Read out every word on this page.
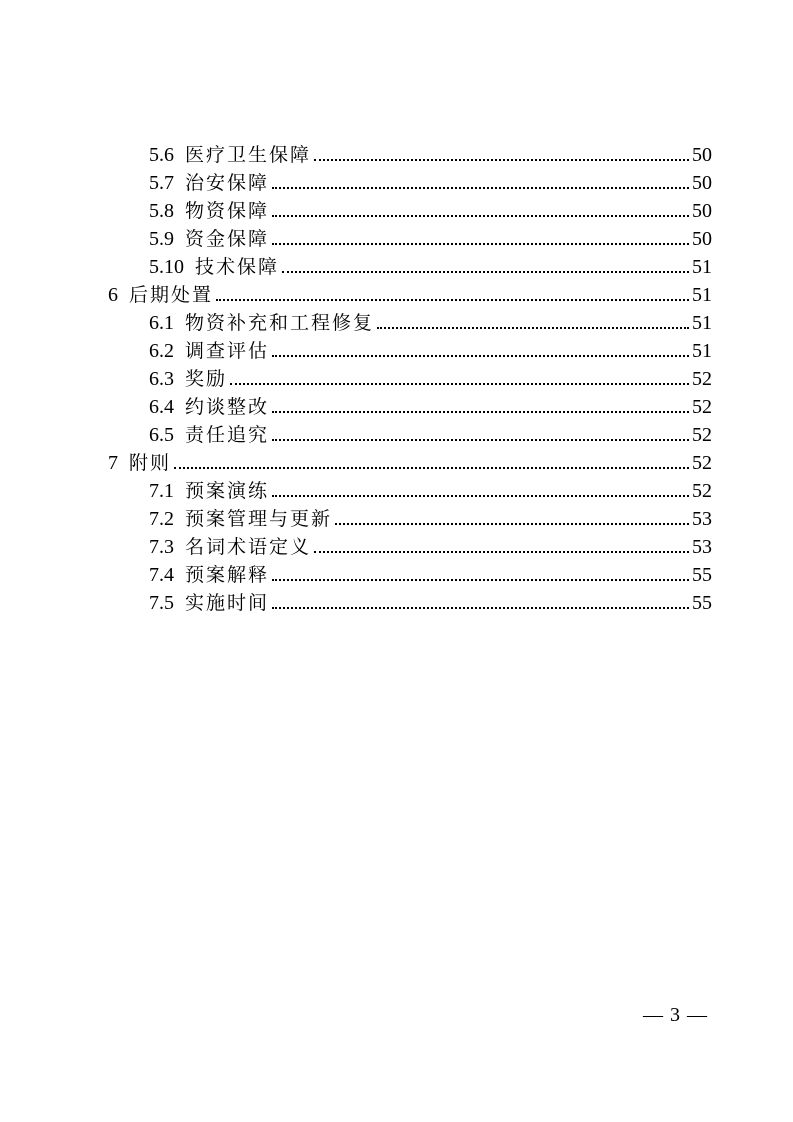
5.6 医疗卫生保障	50
5.7 治安保障	50
5.8 物资保障	50
5.9 资金保障	50
5.10 技术保障	51
6 后期处置	51
6.1 物资补充和工程修复	51
6.2 调查评估	51
6.3 奖励	52
6.4 约谈整改	52
6.5 责任追究	52
7 附则	52
7.1 预案演练	52
7.2 预案管理与更新	53
7.3 名词术语定义	53
7.4 预案解释	55
7.5 实施时间	55
— 3 —
